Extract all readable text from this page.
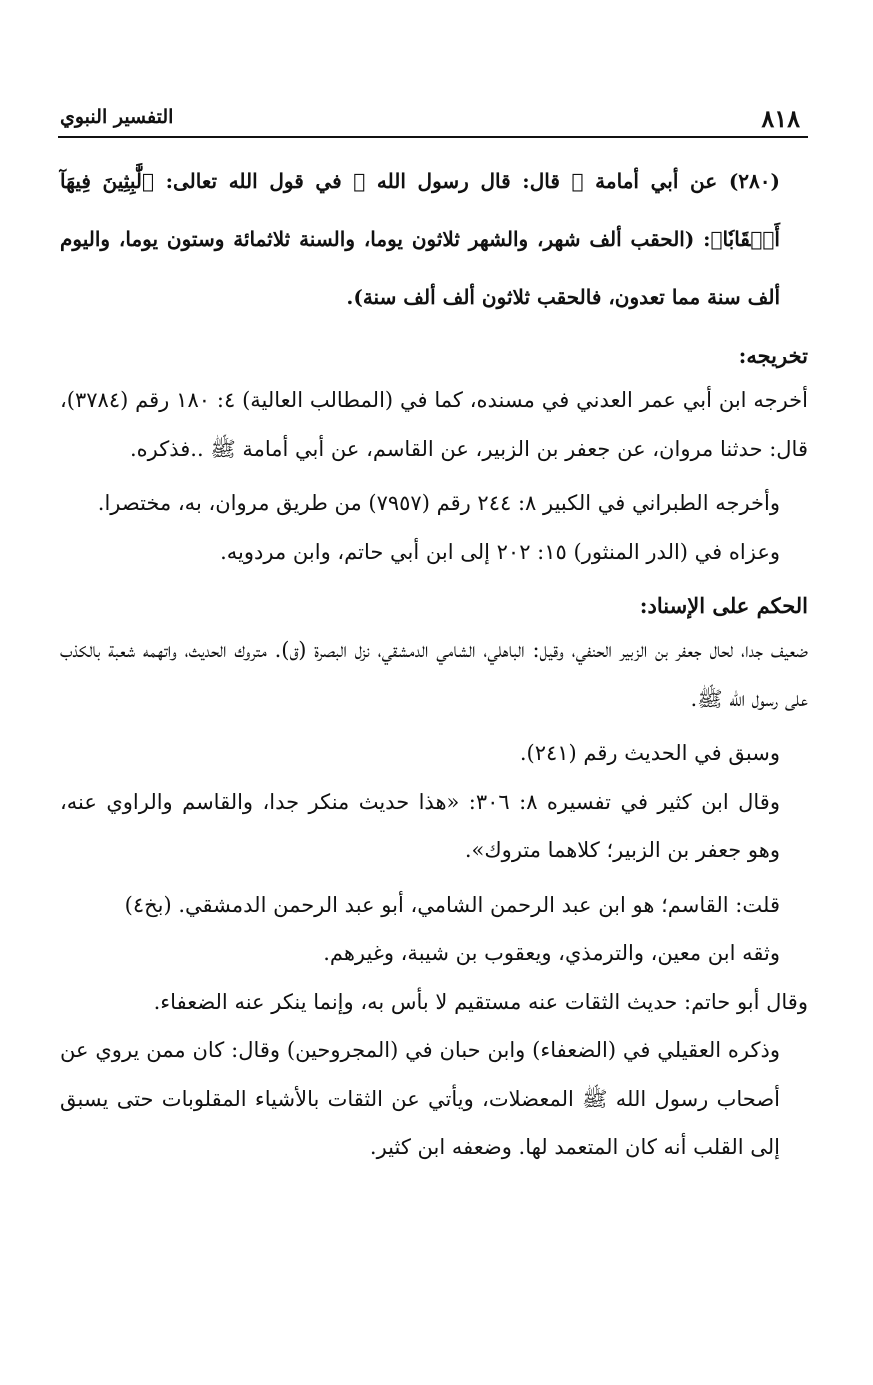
٨١٨
التفسير النبوي

(٢٨٠) عن أبي أمامة ﷺ قال: قال رسول الله ﷺ في قول الله تعالى: ﴿لَّٰبِثِينَ فِيهَآ أَحۡقَابٗا﴾: (الحقب ألف شهر، والشهر ثلاثون يوما، والسنة ثلاثمائة وستون يوما، واليوم ألف سنة مما تعدون، فالحقب ثلاثون ألف ألف سنة).

تخريجه:

أخرجه ابن أبي عمر العدني في مسنده، كما في (المطالب العالية) ٤: ١٨٠ رقم (٣٧٨٤)، قال: حدثنا مروان، عن جعفر بن الزبير، عن القاسم، عن أبي أمامة ﷺ ..فذكره.

وأخرجه الطبراني في الكبير ٨: ٢٤٤ رقم (٧٩٥٧) من طريق مروان، به، مختصرا.

وعزاه في (الدر المنثور) ١٥: ٢٠٢ إلى ابن أبي حاتم، وابن مردويه.

الحكم على الإسناد:

ضعيف جدا، لحال جعفر بن الزبير الحنفي، وقيل: الباهلي، الشامي الدمشقي، نزل البصرة (ق). متروك الحديث، واتهمه شعبة بالكذب على رسول الله ﷺ.

وسبق في الحديث رقم (٢٤١).

وقال ابن كثير في تفسيره ٨: ٣٠٦: «هذا حديث منكر جدا، والقاسم والراوي عنه، وهو جعفر بن الزبير؛ كلاهما متروك».

قلت: القاسم؛ هو ابن عبد الرحمن الشامي، أبو عبد الرحمن الدمشقي. (بخ٤)

وثقه ابن معين، والترمذي، ويعقوب بن شيبة، وغيرهم.

وقال أبو حاتم: حديث الثقات عنه مستقيم لا بأس به، وإنما ينكر عنه الضعفاء.

وذكره العقيلي في (الضعفاء) وابن حبان في (المجروحين) وقال: كان ممن يروي عن أصحاب رسول الله ﷺ المعضلات، ويأتي عن الثقات بالأشياء المقلوبات حتى يسبق إلى القلب أنه كان المتعمد لها. وضعفه ابن كثير.
